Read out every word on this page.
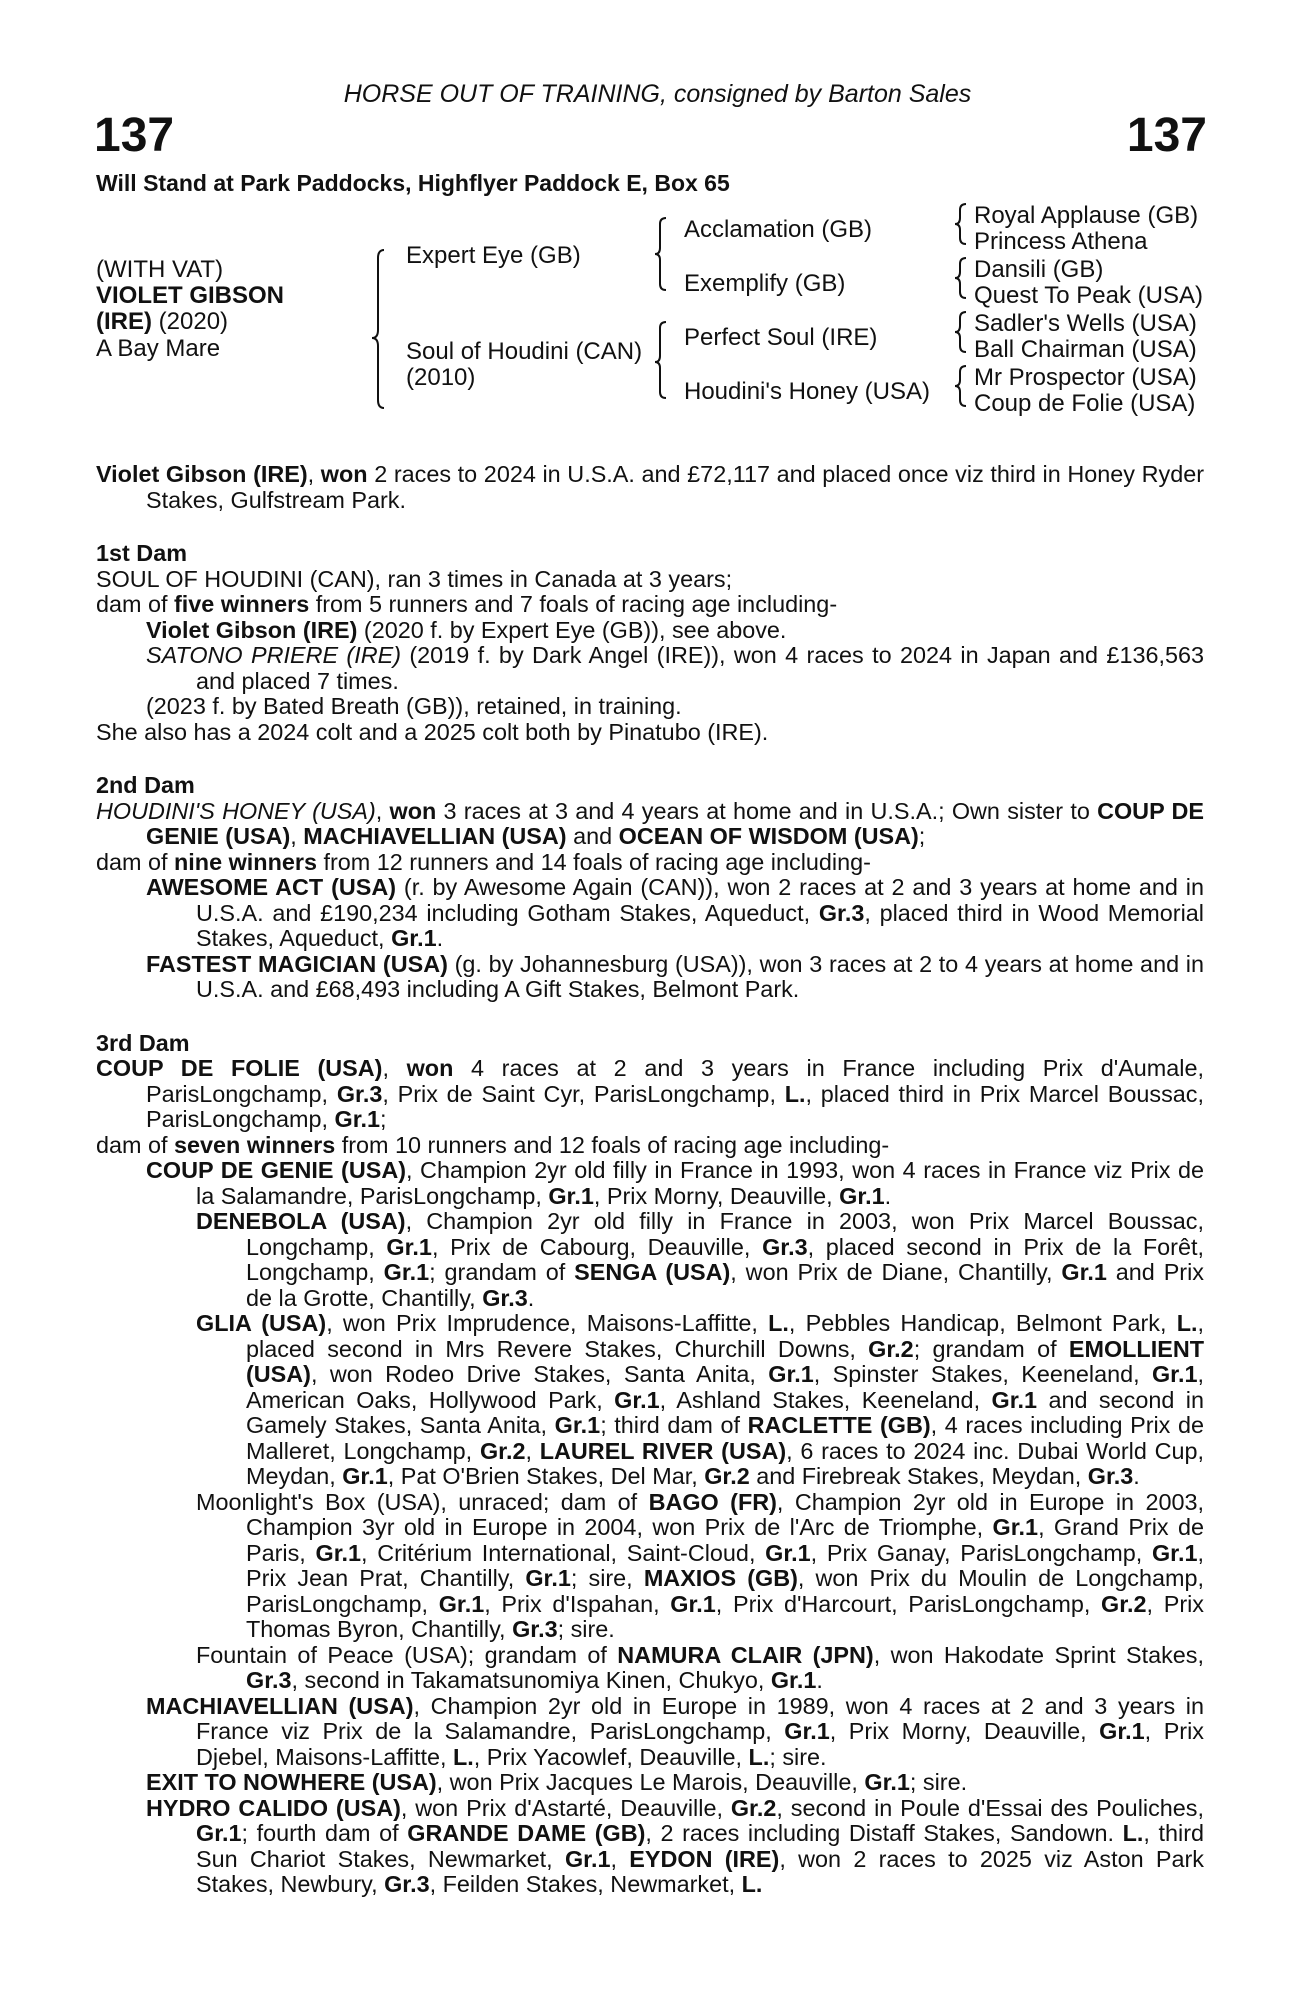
HORSE OUT OF TRAINING, consigned by Barton Sales
137	137
Will Stand at Park Paddocks, Highflyer Paddock E, Box 65
(WITH VAT)
VIOLET GIBSON
(IRE) (2020)
A Bay Mare
Expert Eye (GB)
Soul of Houdini (CAN)
(2010)
Acclamation (GB)
Exemplify (GB)
Perfect Soul (IRE)
Houdini's Honey (USA)
Royal Applause (GB)
Princess Athena
Dansili (GB)
Quest To Peak (USA)
Sadler's Wells (USA)
Ball Chairman (USA)
Mr Prospector (USA)
Coup de Folie (USA)

Violet Gibson (IRE), won 2 races to 2024 in U.S.A. and £72,117 and placed once viz third in Honey Ryder Stakes, Gulfstream Park.

1st Dam

SOUL OF HOUDINI (CAN), ran 3 times in Canada at 3 years;

dam of five winners from 5 runners and 7 foals of racing age including-

Violet Gibson (IRE) (2020 f. by Expert Eye (GB)), see above.

SATONO PRIERE (IRE) (2019 f. by Dark Angel (IRE)), won 4 races to 2024 in Japan and £136,563 and placed 7 times.

(2023 f. by Bated Breath (GB)), retained, in training.

She also has a 2024 colt and a 2025 colt both by Pinatubo (IRE).

2nd Dam

HOUDINI'S HONEY (USA), won 3 races at 3 and 4 years at home and in U.S.A.; Own sister to COUP DE GENIE (USA), MACHIAVELLIAN (USA) and OCEAN OF WISDOM (USA);

dam of nine winners from 12 runners and 14 foals of racing age including-

AWESOME ACT (USA) (r. by Awesome Again (CAN)), won 2 races at 2 and 3 years at home and in U.S.A. and £190,234 including Gotham Stakes, Aqueduct, Gr.3, placed third in Wood Memorial Stakes, Aqueduct, Gr.1.

FASTEST MAGICIAN (USA) (g. by Johannesburg (USA)), won 3 races at 2 to 4 years at home and in U.S.A. and £68,493 including A Gift Stakes, Belmont Park.

3rd Dam

COUP DE FOLIE (USA), won 4 races at 2 and 3 years in France including Prix d'Aumale, ParisLongchamp, Gr.3, Prix de Saint Cyr, ParisLongchamp, L., placed third in Prix Marcel Boussac, ParisLongchamp, Gr.1;

dam of seven winners from 10 runners and 12 foals of racing age including-

COUP DE GENIE (USA), Champion 2yr old filly in France in 1993, won 4 races in France viz Prix de la Salamandre, ParisLongchamp, Gr.1, Prix Morny, Deauville, Gr.1.

DENEBOLA (USA), Champion 2yr old filly in France in 2003, won Prix Marcel Boussac, Longchamp, Gr.1, Prix de Cabourg, Deauville, Gr.3, placed second in Prix de la Forêt, Longchamp, Gr.1; grandam of SENGA (USA), won Prix de Diane, Chantilly, Gr.1 and Prix de la Grotte, Chantilly, Gr.3.

GLIA (USA), won Prix Imprudence, Maisons-Laffitte, L., Pebbles Handicap, Belmont Park, L., placed second in Mrs Revere Stakes, Churchill Downs, Gr.2; grandam of EMOLLIENT (USA), won Rodeo Drive Stakes, Santa Anita, Gr.1, Spinster Stakes, Keeneland, Gr.1, American Oaks, Hollywood Park, Gr.1, Ashland Stakes, Keeneland, Gr.1 and second in Gamely Stakes, Santa Anita, Gr.1; third dam of RACLETTE (GB), 4 races including Prix de Malleret, Longchamp, Gr.2, LAUREL RIVER (USA), 6 races to 2024 inc. Dubai World Cup, Meydan, Gr.1, Pat O'Brien Stakes, Del Mar, Gr.2 and Firebreak Stakes, Meydan, Gr.3.

Moonlight's Box (USA), unraced; dam of BAGO (FR), Champion 2yr old in Europe in 2003, Champion 3yr old in Europe in 2004, won Prix de l'Arc de Triomphe, Gr.1, Grand Prix de Paris, Gr.1, Critérium International, Saint-Cloud, Gr.1, Prix Ganay, ParisLongchamp, Gr.1, Prix Jean Prat, Chantilly, Gr.1; sire, MAXIOS (GB), won Prix du Moulin de Longchamp, ParisLongchamp, Gr.1, Prix d'Ispahan, Gr.1, Prix d'Harcourt, ParisLongchamp, Gr.2, Prix Thomas Byron, Chantilly, Gr.3; sire.

Fountain of Peace (USA); grandam of NAMURA CLAIR (JPN), won Hakodate Sprint Stakes, Gr.3, second in Takamatsunomiya Kinen, Chukyo, Gr.1.

MACHIAVELLIAN (USA), Champion 2yr old in Europe in 1989, won 4 races at 2 and 3 years in France viz Prix de la Salamandre, ParisLongchamp, Gr.1, Prix Morny, Deauville, Gr.1, Prix Djebel, Maisons-Laffitte, L., Prix Yacowlef, Deauville, L.; sire.

EXIT TO NOWHERE (USA), won Prix Jacques Le Marois, Deauville, Gr.1; sire.

HYDRO CALIDO (USA), won Prix d'Astarté, Deauville, Gr.2, second in Poule d'Essai des Pouliches, Gr.1; fourth dam of GRANDE DAME (GB), 2 races including Distaff Stakes, Sandown. L., third Sun Chariot Stakes, Newmarket, Gr.1, EYDON (IRE), won 2 races to 2025 viz Aston Park Stakes, Newbury, Gr.3, Feilden Stakes, Newmarket, L.
